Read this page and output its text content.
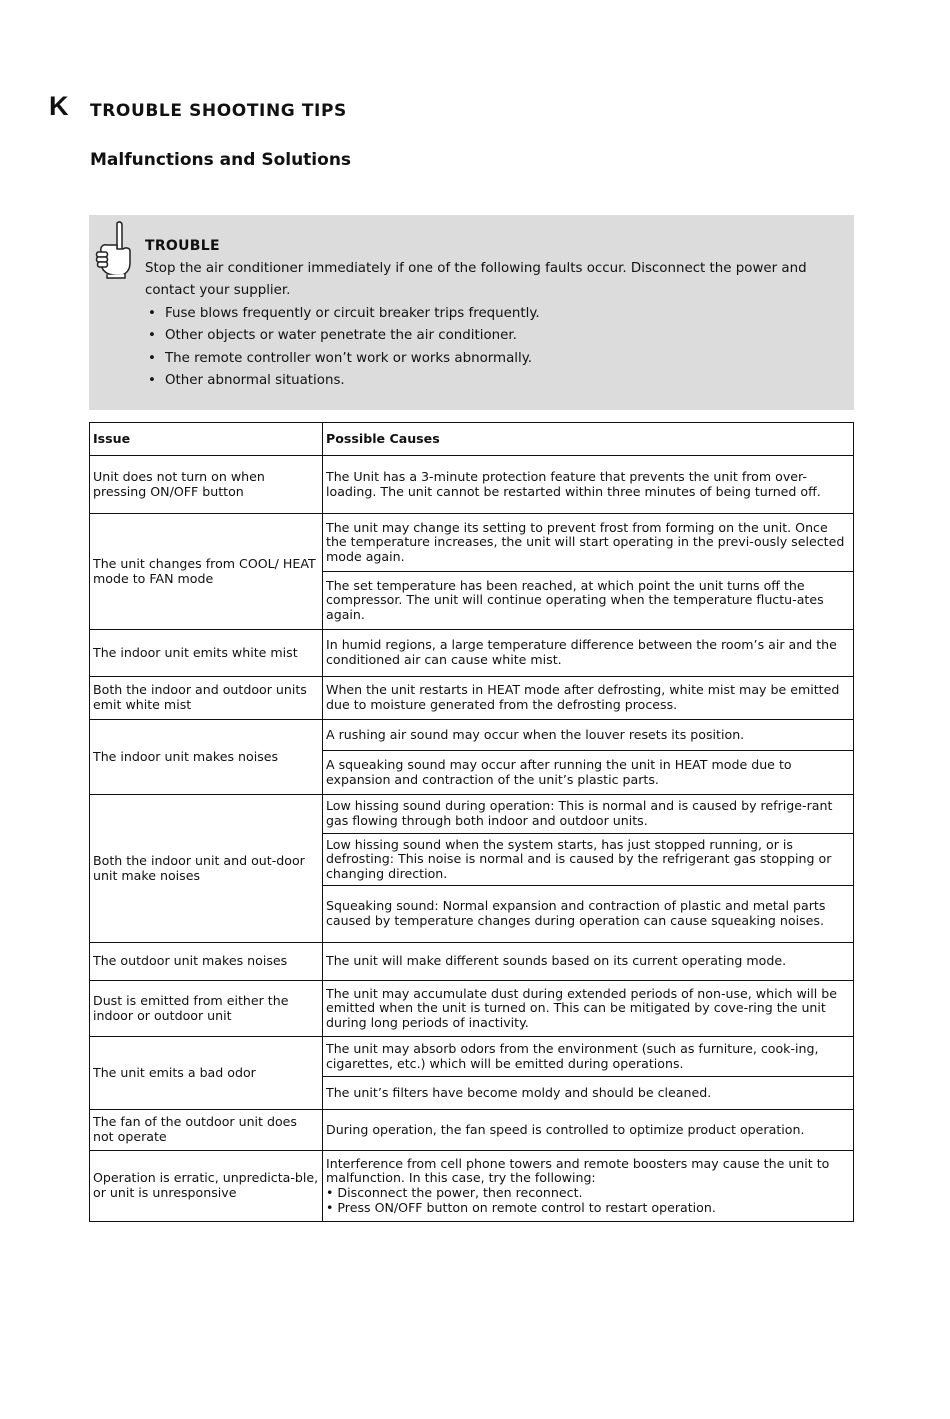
K TROUBLE SHOOTING TIPS
Malfunctions and Solutions
TROUBLE
Stop the air conditioner immediately if one of the following faults occur. Disconnect the power and contact your supplier.
• Fuse blows frequently or circuit breaker trips frequently.
• Other objects or water penetrate the air conditioner.
• The remote controller won’t work or works abnormally.
• Other abnormal situations.
Issue	Possible Causes
Unit does not turn on when pressing ON/OFF button	The Unit has a 3-minute protection feature that prevents the unit from over-loading. The unit cannot be restarted within three minutes of being turned off.
The unit changes from COOL/ HEAT mode to FAN mode	The unit may change its setting to prevent frost from forming on the unit. Once the temperature increases, the unit will start operating in the previ-ously selected mode again.
	The set temperature has been reached, at which point the unit turns off the compressor. The unit will continue operating when the temperature fluctu-ates again.
The indoor unit emits white mist	In humid regions, a large temperature difference between the room’s air and the conditioned air can cause white mist.
Both the indoor and outdoor units emit white mist	When the unit restarts in HEAT mode after defrosting, white mist may be emitted due to moisture generated from the defrosting process.
The indoor unit makes noises	A rushing air sound may occur when the louver resets its position.
	A squeaking sound may occur after running the unit in HEAT mode due to expansion and contraction of the unit’s plastic parts.
Both the indoor unit and out-door unit make noises	Low hissing sound during operation: This is normal and is caused by refrige-rant gas flowing through both indoor and outdoor units.
	Low hissing sound when the system starts, has just stopped running, or is defrosting: This noise is normal and is caused by the refrigerant gas stopping or changing direction.
	Squeaking sound: Normal expansion and contraction of plastic and metal parts caused by temperature changes during operation can cause squeaking noises.
The outdoor unit makes noises	The unit will make different sounds based on its current operating mode.
Dust is emitted from either the indoor or outdoor unit	The unit may accumulate dust during extended periods of non-use, which will be emitted when the unit is turned on. This can be mitigated by cove-ring the unit during long periods of inactivity.
The unit emits a bad odor	The unit may absorb odors from the environment (such as furniture, cook-ing, cigarettes, etc.) which will be emitted during operations.
	The unit’s filters have become moldy and should be cleaned.
The fan of the outdoor unit does not operate	During operation, the fan speed is controlled to optimize product operation.
Operation is erratic, unpredicta-ble, or unit is unresponsive	Interference from cell phone towers and remote boosters may cause the unit to malfunction. In this case, try the following:
• Disconnect the power, then reconnect.
• Press ON/OFF button on remote control to restart operation.
